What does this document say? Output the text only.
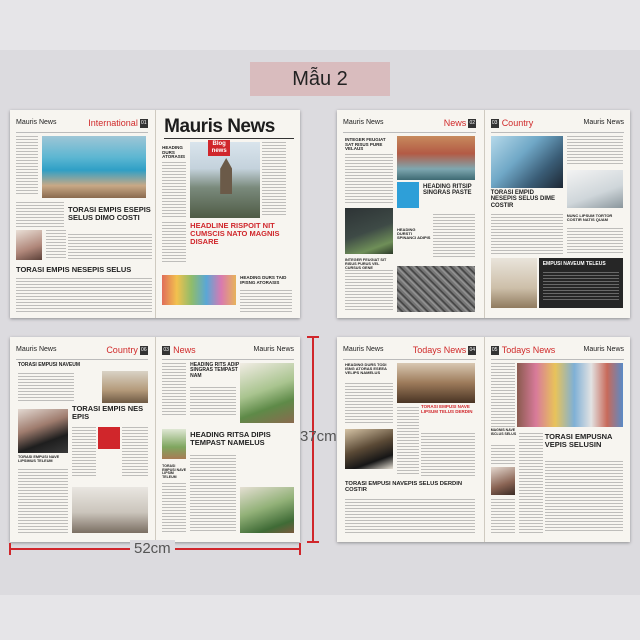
Mẫu 2
Mauris News	International 01
TORASI EMPIS ESEPIS SELUS DIMO COSTI
TORASI EMPIS NESEPIS SELUS
Mauris News
HEADING DURS ATORASIS
Blog news
HEADLINE RISPOIT NIT CUMSCIS NATO MAGNIS DISARE
HEADING DURS TAID IPISNG ATORASIS
Mauris News	News 02
INTEGER FEUGIAT SAT RISUS PURE VELAUS
HEADING RITSIP SINGRAS PASTE
HEADING DURSTI SPINANCI ADIPIS
INTEGER FEUGIAT SIT RISUS PURUS VEL CURSUS GENE
03 Country	Mauris News
TORASI EMPID NESEPIS SELUS DIME COSTIR
NUNC LIPSUM TORTOR COSTIR NATIS QUAM
EMPUSI NAVEUM TELEUS
Mauris News	Country 06
TORASI EMPUSI NAVEUM
TORASI EMPIS NES EPIS
TORASI EMPUSI NAVE LIPSIMUS TELEUM
03 News	Mauris News
HEADING RITS ADIP SINGRAS TEMPAST NAM
HEADING RITSA DIPIS TEMPAST NAMELUS
TORASI EMPUSI NAVE LIPSIM TELEUM
Mauris News	Todays News 04
HEADING DURS TODI ISNG ATORAS ESEEA VELIPS NAMELUS
TORASI EMPUSI NAVE LIPSUM TELUS DERDIN
TORASI EMPUSI NAVEPIS SELUS DERDIN COSTIR
05 Todays News	Mauris News
MAGNIS NAVE ISCLUS SELUS	TORASI EMPUSNA VEPIS SELUSIN
37cm
52cm
